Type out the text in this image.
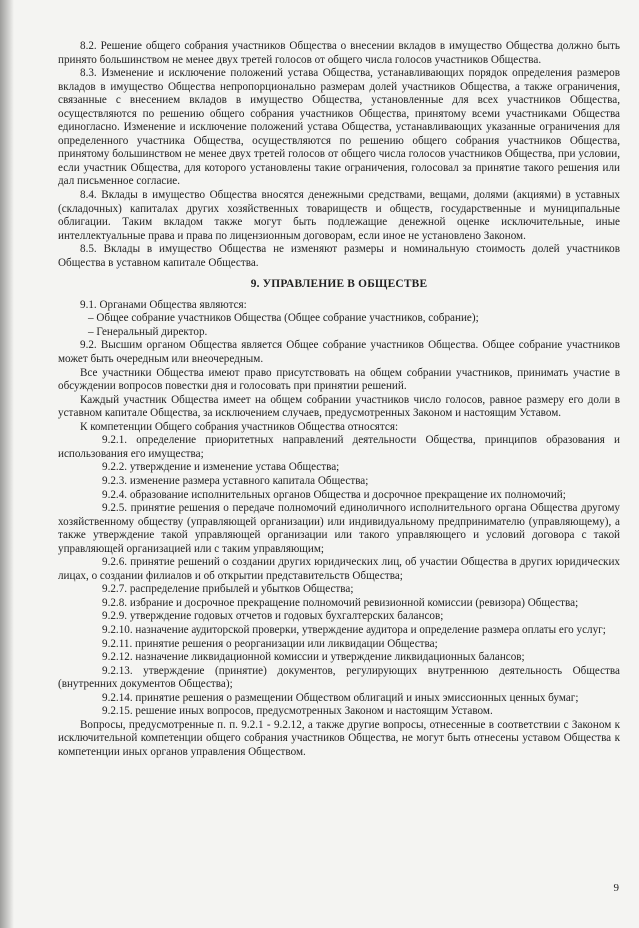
8.2. Решение общего собрания участников Общества о внесении вкладов в имущество Общества должно быть принято большинством не менее двух третей голосов от общего числа голосов участников Общества.

8.3. Изменение и исключение положений устава Общества, устанавливающих порядок определения размеров вкладов в имущество Общества непропорционально размерам долей участников Общества, а также ограничения, связанные с внесением вкладов в имущество Общества, установленные для всех участников Общества, осуществляются по решению общего собрания участников Общества, принятому всеми участниками Общества единогласно. Изменение и исключение положений устава Общества, устанавливающих указанные ограничения для определенного участника Общества, осуществляются по решению общего собрания участников Общества, принятому большинством не менее двух третей голосов от общего числа голосов участников Общества, при условии, если участник Общества, для которого установлены такие ограничения, голосовал за принятие такого решения или дал письменное согласие.

8.4. Вклады в имущество Общества вносятся денежными средствами, вещами, долями (акциями) в уставных (складочных) капиталах других хозяйственных товариществ и обществ, государственные и муниципальные облигации. Таким вкладом также могут быть подлежащие денежной оценке исключительные, иные интеллектуальные права и права по лицензионным договорам, если иное не установлено Законом.

8.5. Вклады в имущество Общества не изменяют размеры и номинальную стоимость долей участников Общества в уставном капитале Общества.

9. УПРАВЛЕНИЕ В ОБЩЕСТВЕ

9.1. Органами Общества являются:

– Общее собрание участников Общества (Общее собрание участников, собрание);

– Генеральный директор.

9.2. Высшим органом Общества является Общее собрание участников Общества. Общее собрание участников может быть очередным или внеочередным.

Все участники Общества имеют право присутствовать на общем собрании участников, принимать участие в обсуждении вопросов повестки дня и голосовать при принятии решений.

Каждый участник Общества имеет на общем собрании участников число голосов, равное размеру его доли в уставном капитале Общества, за исключением случаев, предусмотренных Законом и настоящим Уставом.

К компетенции Общего собрания участников Общества относятся:

9.2.1. определение приоритетных направлений деятельности Общества, принципов образования и использования его имущества;

9.2.2. утверждение и изменение устава Общества;

9.2.3. изменение размера уставного капитала Общества;

9.2.4. образование исполнительных органов Общества и досрочное прекращение их полномочий;

9.2.5. принятие решения о передаче полномочий единоличного исполнительного органа Общества другому хозяйственному обществу (управляющей организации) или индивидуальному предпринимателю (управляющему), а также утверждение такой управляющей организации или такого управляющего и условий договора с такой управляющей организацией или с таким управляющим;

9.2.6. принятие решений о создании других юридических лиц, об участии Общества в других юридических лицах, о создании филиалов и об открытии представительств Общества;

9.2.7. распределение прибылей и убытков Общества;

9.2.8. избрание и досрочное прекращение полномочий ревизионной комиссии (ревизора) Общества;

9.2.9. утверждение годовых отчетов и годовых бухгалтерских балансов;

9.2.10. назначение аудиторской проверки, утверждение аудитора и определение размера оплаты его услуг;

9.2.11. принятие решения о реорганизации или ликвидации Общества;

9.2.12. назначение ликвидационной комиссии и утверждение ликвидационных балансов;

9.2.13. утверждение (принятие) документов, регулирующих внутреннюю деятельность Общества (внутренних документов Общества);

9.2.14. принятие решения о размещении Обществом облигаций и иных эмиссионных ценных бумаг;

9.2.15. решение иных вопросов, предусмотренных Законом и настоящим Уставом.

Вопросы, предусмотренные п. п. 9.2.1 - 9.2.12, а также другие вопросы, отнесенные в соответствии с Законом к исключительной компетенции общего собрания участников Общества, не могут быть отнесены уставом Общества к компетенции иных органов управления Обществом.

9
